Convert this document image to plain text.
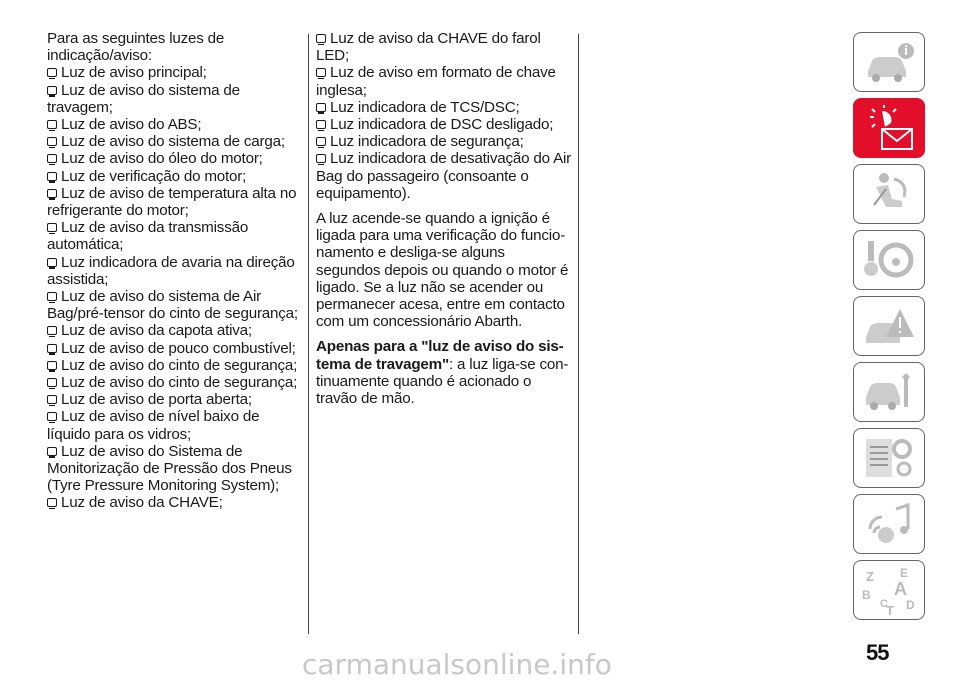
Para as seguintes luzes de indicação/aviso:
Luz de aviso principal;
Luz de aviso do sistema de travagem;
Luz de aviso do ABS;
Luz de aviso do sistema de carga;
Luz de aviso do óleo do motor;
Luz de verificação do motor;
Luz de aviso de temperatura alta no refrigerante do motor;
Luz de aviso da transmissão automática;
Luz indicadora de avaria na direção assistida;
Luz de aviso do sistema de Air Bag/pré-tensor do cinto de segurança;
Luz de aviso da capota ativa;
Luz de aviso de pouco combustível;
Luz de aviso do cinto de segurança;
Luz de aviso do cinto de segurança;
Luz de aviso de porta aberta;
Luz de aviso de nível baixo de líquido para os vidros;
Luz de aviso do Sistema de Monitorização de Pressão dos Pneus (Tyre Pressure Monitoring System);
Luz de aviso da CHAVE;
Luz de aviso da CHAVE do farol LED;
Luz de aviso em formato de chave inglesa;
Luz indicadora de TCS/DSC;
Luz indicadora de DSC desligado;
Luz indicadora de segurança;
Luz indicadora de desativação do Air Bag do passageiro (consoante o equipamento).
A luz acende-se quando a ignição é ligada para uma verificação do funcio- namento e desliga-se alguns segundos depois ou quando o motor é ligado. Se a luz não se acender ou permanecer acesa, entre em contacto com um concessionário Abarth.
Apenas para a "luz de aviso do sis- tema de travagem": a luz liga-se con- tinuamente quando é acionado o travão de mão.
Z E
B A
C D
T
55
carmanualsonline.info
